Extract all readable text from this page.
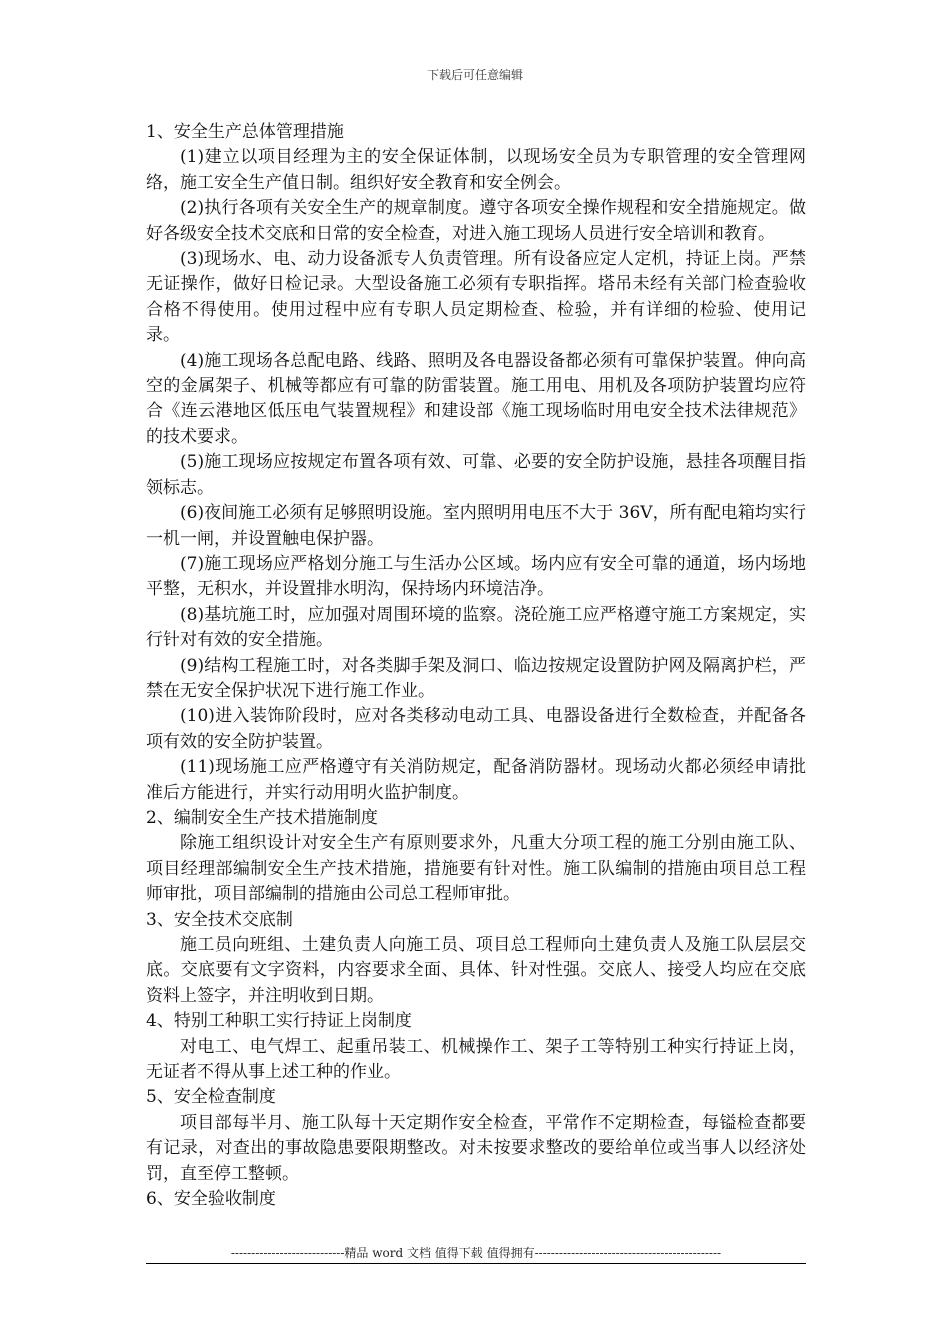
下载后可任意编辑

1、安全生产总体管理措施

(1)建立以项目经理为主的安全保证体制，以现场安全员为专职管理的安全管理网络，施工安全生产值日制。组织好安全教育和安全例会。

(2)执行各项有关安全生产的规章制度。遵守各项安全操作规程和安全措施规定。做好各级安全技术交底和日常的安全检查，对进入施工现场人员进行安全培训和教育。

(3)现场水、电、动力设备派专人负责管理。所有设备应定人定机，持证上岗。严禁无证操作，做好日检记录。大型设备施工必须有专职指挥。塔吊未经有关部门检查验收合格不得使用。使用过程中应有专职人员定期检查、检验，并有详细的检验、使用记录。

(4)施工现场各总配电路、线路、照明及各电器设备都必须有可靠保护装置。伸向高空的金属架子、机械等都应有可靠的防雷装置。施工用电、用机及各项防护装置均应符合《连云港地区低压电气装置规程》和建设部《施工现场临时用电安全技术法律规范》的技术要求。

(5)施工现场应按规定布置各项有效、可靠、必要的安全防护设施，悬挂各项醒目指领标志。

(6)夜间施工必须有足够照明设施。室内照明用电压不大于 36V，所有配电箱均实行一机一闸，并设置触电保护器。

(7)施工现场应严格划分施工与生活办公区域。场内应有安全可靠的通道，场内场地平整，无积水，并设置排水明沟，保持场内环境洁净。

(8)基坑施工时，应加强对周围环境的监察。浇砼施工应严格遵守施工方案规定，实行针对有效的安全措施。

(9)结构工程施工时，对各类脚手架及洞口、临边按规定设置防护网及隔离护栏，严禁在无安全保护状况下进行施工作业。

(10)进入装饰阶段时，应对各类移动电动工具、电器设备进行全数检查，并配备各项有效的安全防护装置。

(11)现场施工应严格遵守有关消防规定，配备消防器材。现场动火都必须经申请批准后方能进行，并实行动用明火监护制度。

2、编制安全生产技术措施制度

除施工组织设计对安全生产有原则要求外，凡重大分项工程的施工分别由施工队、项目经理部编制安全生产技术措施，措施要有针对性。施工队编制的措施由项目总工程师审批，项目部编制的措施由公司总工程师审批。

3、安全技术交底制

施工员向班组、土建负责人向施工员、项目总工程师向土建负责人及施工队层层交底。交底要有文字资料，内容要求全面、具体、针对性强。交底人、接受人均应在交底资料上签字，并注明收到日期。

4、特别工种职工实行持证上岗制度

对电工、电气焊工、起重吊装工、机械操作工、架子工等特别工种实行持证上岗，无证者不得从事上述工种的作业。

5、安全检查制度

项目部每半月、施工队每十天定期作安全检查，平常作不定期检查，每镒检查都要有记录，对查出的事故隐患要限期整改。对未按要求整改的要给单位或当事人以经济处罚，直至停工整顿。

6、安全验收制度

----------------------------精品 word 文档 值得下载 值得拥有----------------------------------------------
